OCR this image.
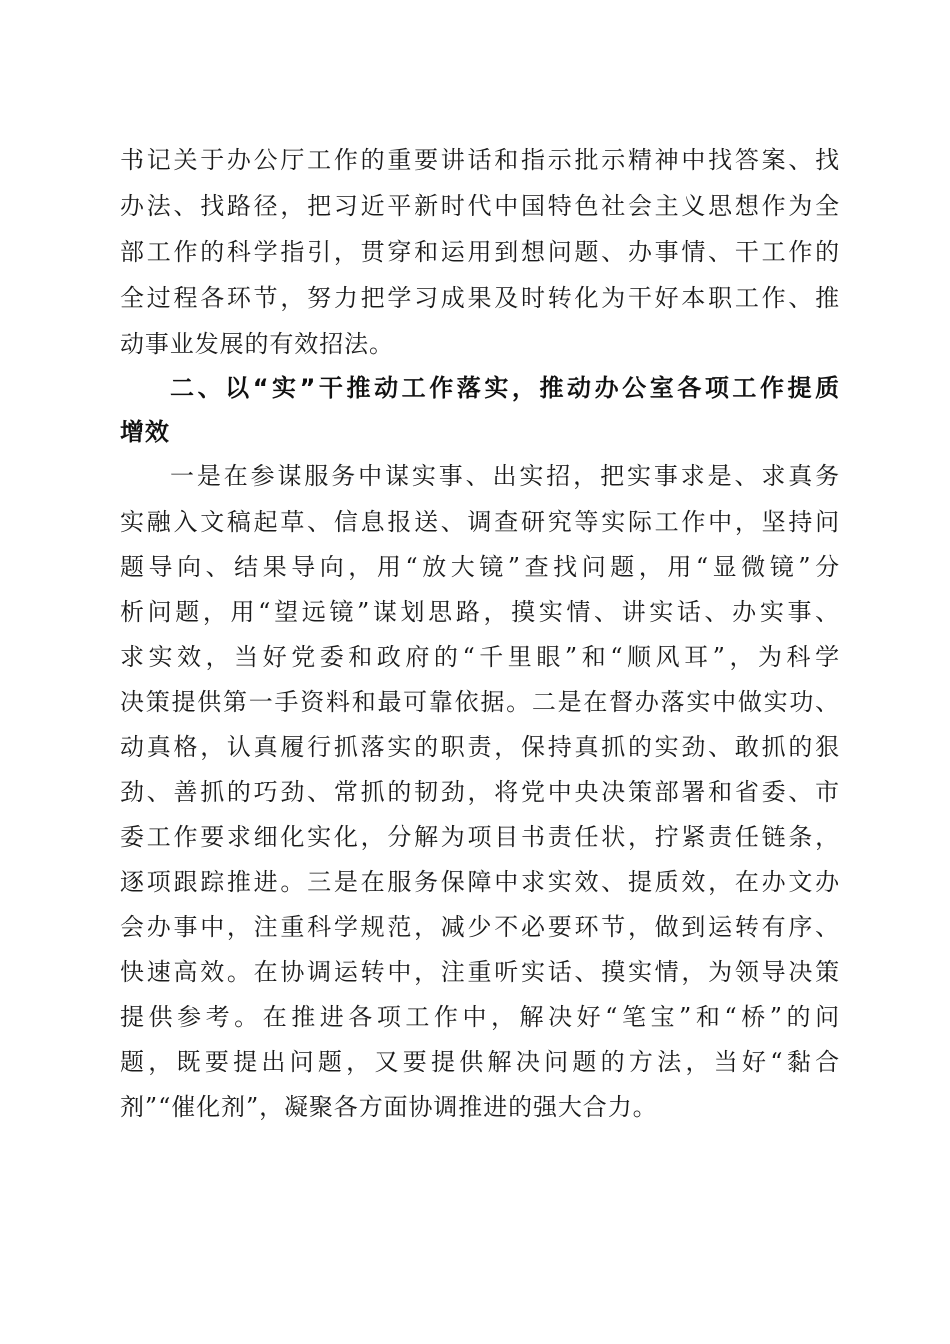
书记关于办公厅工作的重要讲话和指示批示精神中找答案、找
办法、找路径，把习近平新时代中国特色社会主义思想作为全
部工作的科学指引，贯穿和运用到想问题、办事情、干工作的
全过程各环节，努力把学习成果及时转化为干好本职工作、推
动事业发展的有效招法。
二、以“实”干推动工作落实，推动办公室各项工作提质
增效
一是在参谋服务中谋实事、出实招，把实事求是、求真务
实融入文稿起草、信息报送、调查研究等实际工作中，坚持问
题导向、结果导向，用“放大镜”查找问题，用“显微镜”分
析问题，用“望远镜”谋划思路，摸实情、讲实话、办实事、
求实效，当好党委和政府的“千里眼”和“顺风耳”，为科学
决策提供第一手资料和最可靠依据。二是在督办落实中做实功、
动真格，认真履行抓落实的职责，保持真抓的实劲、敢抓的狠
劲、善抓的巧劲、常抓的韧劲，将党中央决策部署和省委、市
委工作要求细化实化，分解为项目书责任状，拧紧责任链条，
逐项跟踪推进。三是在服务保障中求实效、提质效，在办文办
会办事中，注重科学规范，减少不必要环节，做到运转有序、
快速高效。在协调运转中，注重听实话、摸实情，为领导决策
提供参考。在推进各项工作中，解决好“笔宝”和“桥”的问
题，既要提出问题，又要提供解决问题的方法，当好“黏合
剂”“催化剂”，凝聚各方面协调推进的强大合力。
